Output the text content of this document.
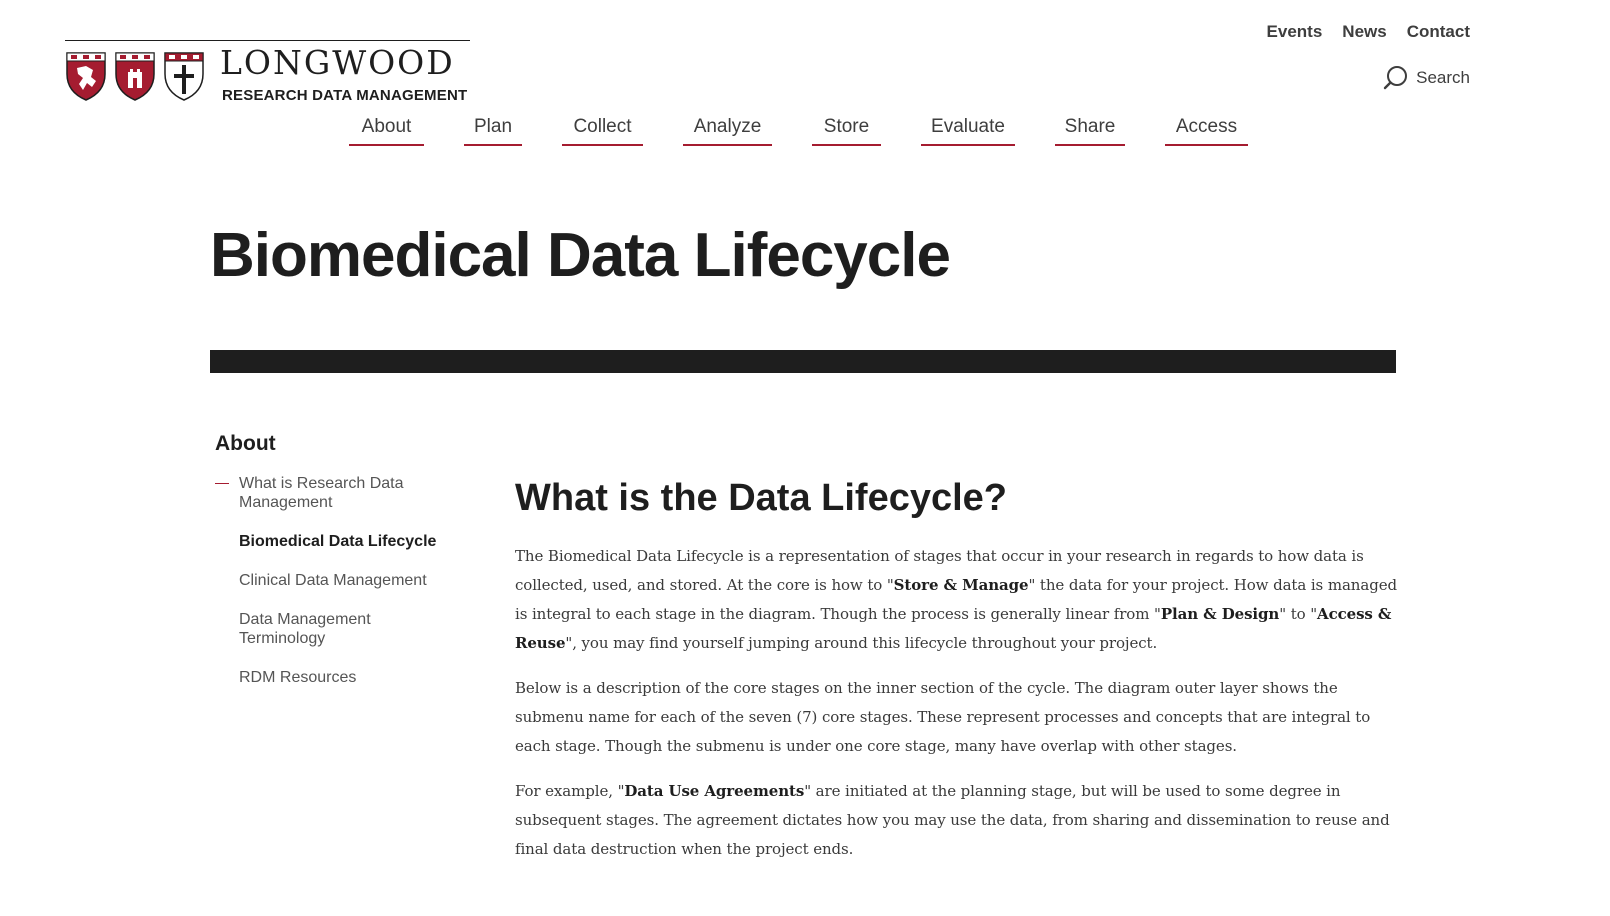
LONGWOOD
RESEARCH DATA MANAGEMENT
Events News Contact
Search
About	Plan	Collect	Analyze	Store	Evaluate	Share	Access
Biomedical Data Lifecycle
About
What is Research Data Management
Biomedical Data Lifecycle
Clinical Data Management
Data Management Terminology
RDM Resources
What is the Data Lifecycle?

The Biomedical Data Lifecycle is a representation of stages that occur in your research in regards to how data is collected, used, and stored. At the core is how to "Store & Manage" the data for your project. How data is managed is integral to each stage in the diagram. Though the process is generally linear from "Plan & Design" to "Access & Reuse", you may find yourself jumping around this lifecycle throughout your project.

Below is a description of the core stages on the inner section of the cycle. The diagram outer layer shows the submenu name for each of the seven (7) core stages. These represent processes and concepts that are integral to each stage. Though the submenu is under one core stage, many have overlap with other stages.

For example, "Data Use Agreements" are initiated at the planning stage, but will be used to some degree in subsequent stages. The agreement dictates how you may use the data, from sharing and dissemination to reuse and final data destruction when the project ends.
